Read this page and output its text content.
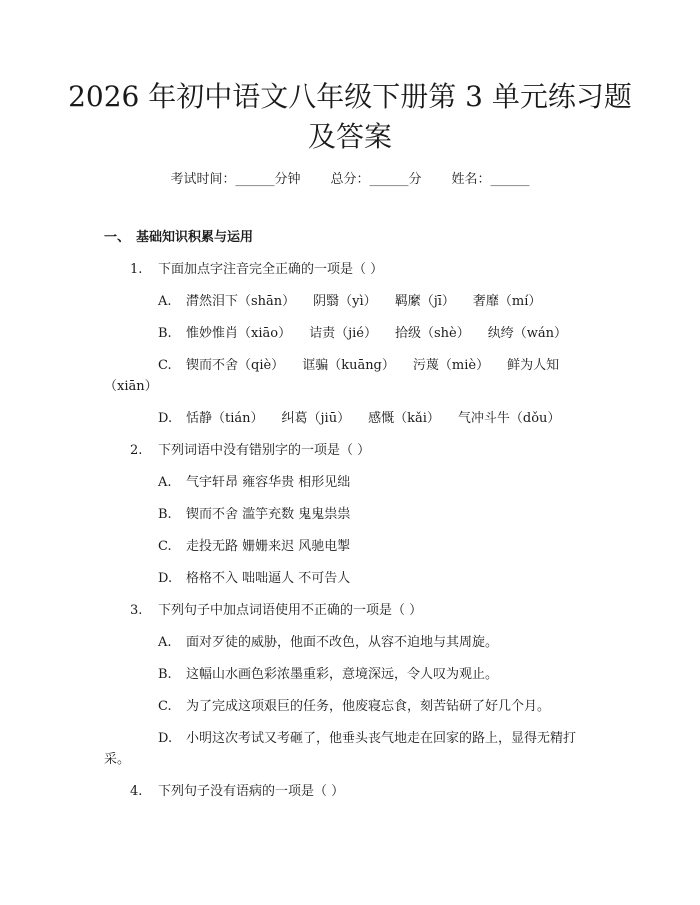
2026 年初中语文八年级下册第 3 单元练习题
及答案
考试时间：______分钟 总分：______分 姓名：______
一、 基础知识积累与运用
1. 下面加点字注音完全正确的一项是（ ）
A. 潸然泪下（shān） 阴翳（yì） 羁縻（jī） 奢靡（mí）
B. 惟妙惟肖（xiāo） 诘责（jié） 拾级（shè） 纨绔（wán）
C. 锲而不舍（qiè） 诓骗（kuāng） 污蔑（miè） 鲜为人知
（xiān）
D. 恬静（tián） 纠葛（jiū） 感慨（kǎi） 气冲斗牛（dǒu）
2. 下列词语中没有错别字的一项是（ ）
A. 气宇轩昂 雍容华贵 相形见绌
B. 锲而不舍 滥竽充数 鬼鬼祟祟
C. 走投无路 姗姗来迟 风驰电掣
D. 格格不入 咄咄逼人 不可告人
3. 下列句子中加点词语使用不正确的一项是（ ）
A. 面对歹徒的威胁，他面不改色，从容不迫地与其周旋。
B. 这幅山水画色彩浓墨重彩，意境深远，令人叹为观止。
C. 为了完成这项艰巨的任务，他废寝忘食，刻苦钻研了好几个月。
D. 小明这次考试又考砸了，他垂头丧气地走在回家的路上，显得无精打
采。
4. 下列句子没有语病的一项是（ ）
